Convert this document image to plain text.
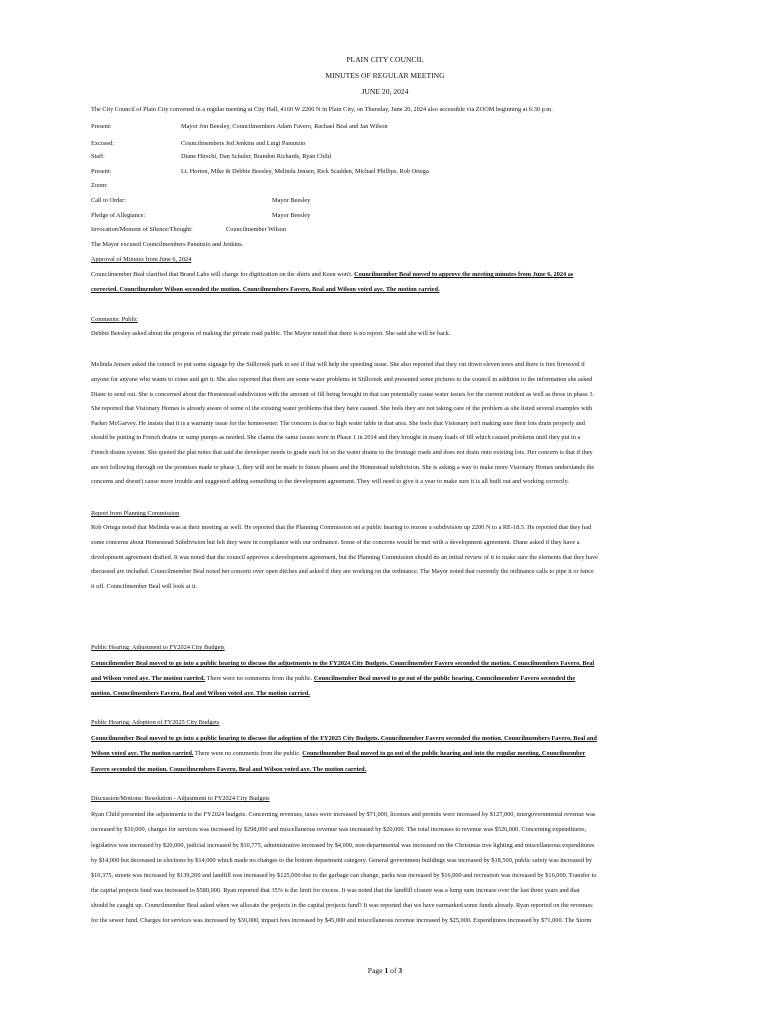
PLAIN CITY COUNCIL
MINUTES OF REGULAR MEETING
JUNE 20, 2024
The City Council of Plain City convened in a regular meeting at City Hall, 4160 W 2200 N in Plain City, on Thursday, June 20, 2024 also accessible via ZOOM beginning at 6:30 p.m.
Present:	Mayor Jon Beesley, Councilmembers Adam Favero, Rachael Beal and Jan Wilson
Excused:	Councilmembers Jed Jenkins and Luigi Panunzio
Staff:	Diane Hirschi, Dan Schuler, Brandon Richards, Ryan Child
Present:	Lt. Horton, Mike & Debbie Beesley, Melinda Jensen, Rick Scadden, Michael Phillips, Rob Ortega
Zoom:
Call to Order:	Mayor Beesley
Pledge of Allegiance:	Mayor Beesley
Invocation/Moment of Silence/Thought:	Councilmember Wilson
The Mayor excused Councilmembers Panunzio and Jenkins.
Approval of Minutes from June 6, 2024
Councilmember Beal clarified that Brand Labs will charge for digitization on the shirts and Keen won't. Councilmember Beal moved to approve the meeting minutes from June 6, 2024 as
corrected. Councilmember Wilson seconded the motion. Councilmembers Favero, Beal and Wilson voted aye. The motion carried.
Comments: Public
Debbie Beesley asked about the progress of making the private road public. The Mayor noted that there is no report. She said she will be back.
Melinda Jensen asked the council to put some signage by the Stillcreek park to see if that will help the speeding issue. She also reported that they cut down eleven trees and there is free firewood if
anyone for anyone who wants to come and get it. She also reported that there are some water problems in Stillcreek and presented some pictures to the council in addition to the information she asked
Diane to send out. She is concerned about the Homestead subdivision with the amount of fill being brought in that can potentially cause water issues for the current resident as well as those in phase 3.
She reported that Visionary Homes is already aware of some of the existing water problems that they have caused. She feels they are not taking care of the problem as she listed several examples with
Parker McGarvey. He insists that it is a warranty issue for the homeowner. The concern is due to high water table in that area. She feels that Visionary isn't making sure their lots drain properly and
should be putting in French drains or sump pumps as needed. She claims the same issues were in Phase 1 in 2014 and they brought in many loads of fill which caused problems until they put in a
French drains system. She quoted the plat notes that said the developer needs to grade each lot so the water drains to the frontage roads and does not drain onto existing lots. Her concern is that if they
are not following through on the promises made to phase 3, they will not be made to future phases and the Homestead subdivision. She is asking a way to make more Visionary Homes understands the
concerns and doesn't cause more trouble and suggested adding something to the development agreement. They will need to give it a year to make sure it is all built out and working correctly.
Report from Planning Commission
Rob Ortega noted that Melinda was at their meeting as well. He reported that the Planning Commission set a public hearing to rezone a subdivision up 2200 N to a RE-18.5. He reported that they had
some concerns about Homestead Subdivision but felt they were in compliance with our ordinance. Some of the concerns would be met with a development agreement. Diane asked if they have a
development agreement drafted. It was noted that the council approves a development agreement, but the Planning Commission should do an initial review of it to make sure the elements that they have
discussed are included. Councilmember Beal noted her concern over open ditches and asked if they are working on the ordinance. The Mayor noted that currently the ordinance calls to pipe it or fence
it off. Councilmember Beal will look at it.
Public Hearing: Adjustment to FY2024 City Budgets
Councilmember Beal moved to go into a public hearing to discuss the adjustments to the FY2024 City Budgets. Councilmember Favero seconded the motion. Councilmembers Favero, Beal
and Wilson voted aye. The motion carried. There were no comments from the public. Councilmember Beal moved to go out of the public hearing. Councilmember Favero seconded the
motion. Councilmembers Favero, Beal and Wilson voted aye. The motion carried.
Public Hearing: Adoption of FY2025 City Budgets
Councilmember Beal moved to go into a public hearing to discuss the adoption of the FY2025 City Budgets. Councilmember Favero seconded the motion. Councilmembers Favero, Beal and
Wilson voted aye. The motion carried. There were no comments from the public. Councilmember Beal moved to go out of the public hearing and into the regular meeting. Councilmember
Favero seconded the motion. Councilmembers Favero, Beal and Wilson voted aye. The motion carried.
Discussion/Motions: Resolution - Adjustment to FY2024 City Budgets
Ryan Child presented the adjustments to the FY2024 budgets. Concerning revenues, taxes were increased by $71,000, licenses and permits were increased by $127,000, intergovernmental revenue was
increased by $10,000, charges for services was increased by $298,000 and miscellaneous revenue was increased by $20,000. The total increases to revenue was $526,000. Concerning expenditures,
legislative was increased by $20,000, judicial increased by $10,775, administrative increased by $4,000, non-departmental was increased on the Christmas tree lighting and miscellaneous expenditures
by $14,000 but decreased in elections by $14,000 which made no changes to the bottom department category. General government buildings was increased by $18,500, public safety was increased by
$10,375, streets was increased by $139,200 and landfill was increased by $125,000 due to the garbage can change, parks was increased by $16,000 and recreation was increased by $16,000. Transfer to
the capital projects fund was increased to $580,000. Ryan reported that 35% is the limit for excess. It was noted that the landfill closure was a lump sum increase over the last three years and that
should be caught up. Councilmember Beal asked when we allocate the projects in the capital projects fund? It was reported that we have earmarked some funds already. Ryan reported on the revenues
for the sewer fund. Charges for services was increased by $30,000, impact fees increased by $45,000 and miscellaneous revenue increased by $25,000. Expenditures increased by $71,000. The Storm
Page 1 of 3
